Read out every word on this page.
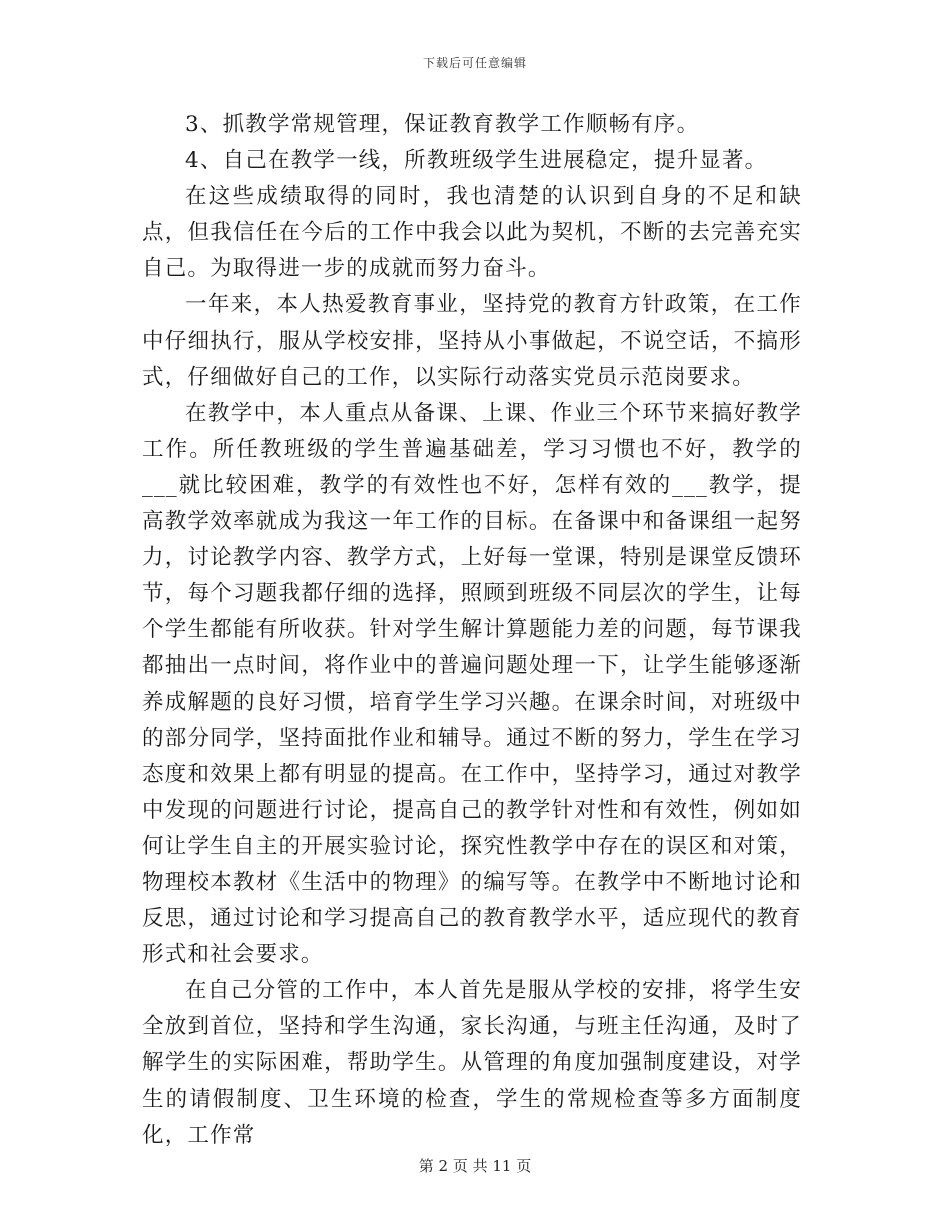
下载后可任意编辑

3、抓教学常规管理，保证教育教学工作顺畅有序。

4、自己在教学一线，所教班级学生进展稳定，提升显著。

在这些成绩取得的同时，我也清楚的认识到自身的不足和缺点，但我信任在今后的工作中我会以此为契机，不断的去完善充实自己。为取得进一步的成就而努力奋斗。

一年来，本人热爱教育事业，坚持党的教育方针政策，在工作中仔细执行，服从学校安排，坚持从小事做起，不说空话，不搞形式，仔细做好自己的工作，以实际行动落实党员示范岗要求。

在教学中，本人重点从备课、上课、作业三个环节来搞好教学工作。所任教班级的学生普遍基础差，学习习惯也不好，教学的___就比较困难，教学的有效性也不好，怎样有效的___教学，提高教学效率就成为我这一年工作的目标。在备课中和备课组一起努力，讨论教学内容、教学方式，上好每一堂课，特别是课堂反馈环节，每个习题我都仔细的选择，照顾到班级不同层次的学生，让每个学生都能有所收获。针对学生解计算题能力差的问题，每节课我都抽出一点时间，将作业中的普遍问题处理一下，让学生能够逐渐养成解题的良好习惯，培育学生学习兴趣。在课余时间，对班级中的部分同学，坚持面批作业和辅导。通过不断的努力，学生在学习态度和效果上都有明显的提高。在工作中，坚持学习，通过对教学中发现的问题进行讨论，提高自己的教学针对性和有效性，例如如何让学生自主的开展实验讨论，探究性教学中存在的误区和对策，物理校本教材《生活中的物理》的编写等。在教学中不断地讨论和反思，通过讨论和学习提高自己的教育教学水平，适应现代的教育形式和社会要求。

在自己分管的工作中，本人首先是服从学校的安排，将学生安全放到首位，坚持和学生沟通，家长沟通，与班主任沟通，及时了解学生的实际困难，帮助学生。从管理的角度加强制度建设，对学生的请假制度、卫生环境的检查，学生的常规检查等多方面制度化，工作常

第 2 页 共 11 页
